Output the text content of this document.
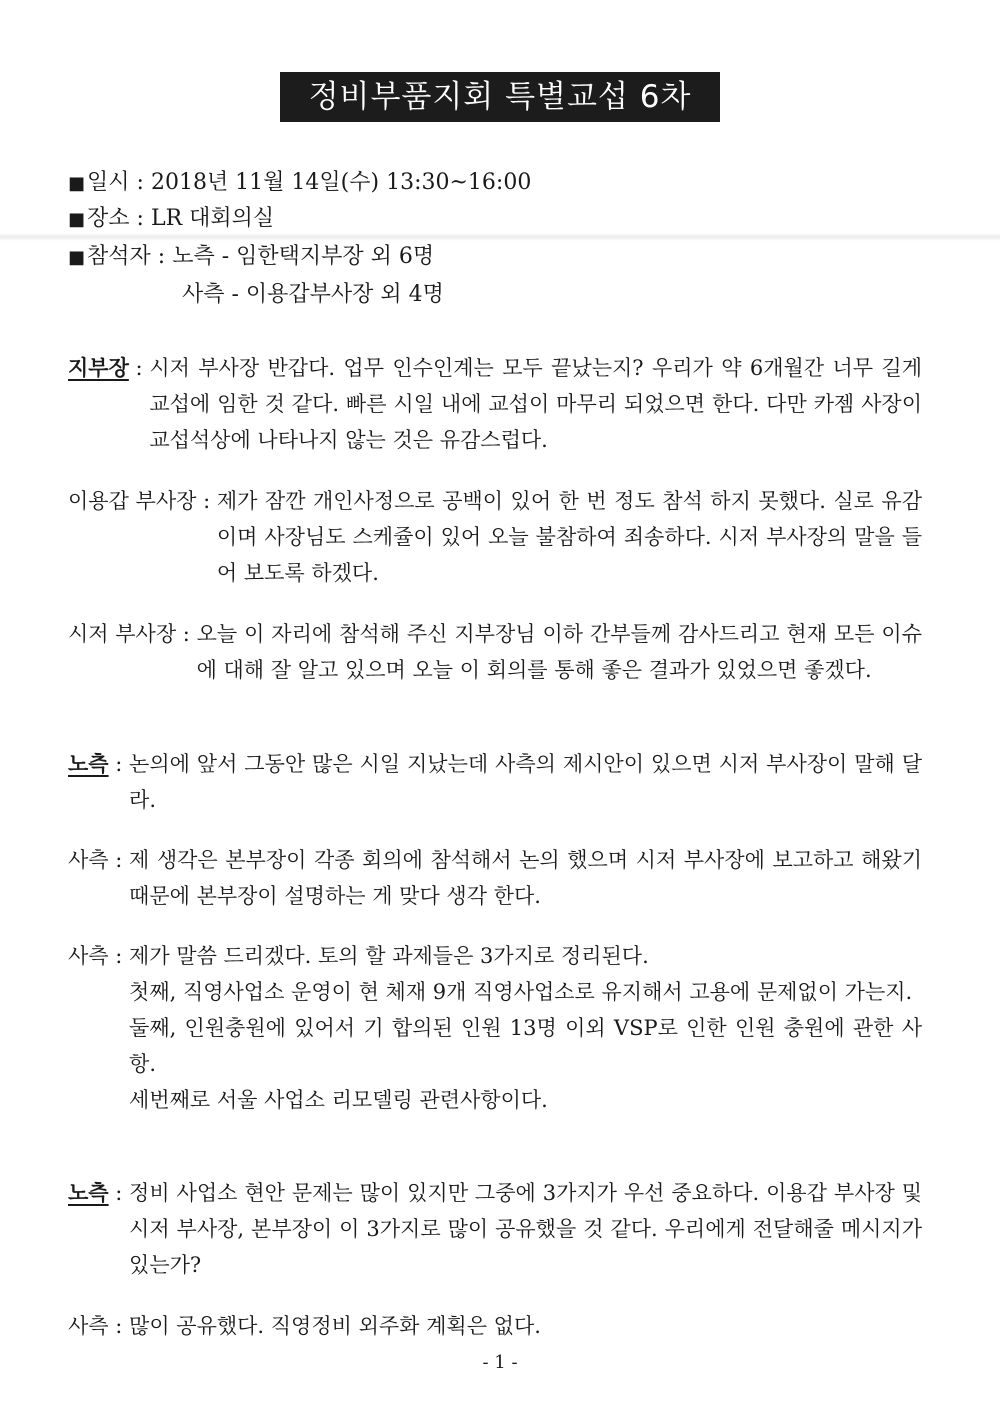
정비부품지회 특별교섭 6차
■일시 : 2018년 11월 14일(수) 13:30~16:00
■장소 : LR 대회의실
■참석자 : 노측 - 임한택지부장 외 6명
사측 - 이용갑부사장 외 4명
지부장 : 시저 부사장 반갑다. 업무 인수인계는 모두 끝났는지? 우리가 약 6개월간 너무 길게 교섭에 임한 것 같다. 빠른 시일 내에 교섭이 마무리 되었으면 한다. 다만 카젬 사장이 교섭석상에 나타나지 않는 것은 유감스럽다.

이용갑 부사장 : 제가 잠깐 개인사정으로 공백이 있어 한 번 정도 참석 하지 못했다. 실로 유감이며 사장님도 스케쥴이 있어 오늘 불참하여 죄송하다. 시저 부사장의 말을 들어 보도록 하겠다.

시저 부사장 : 오늘 이 자리에 참석해 주신 지부장님 이하 간부들께 감사드리고 현재 모든 이슈에 대해 잘 알고 있으며 오늘 이 회의를 통해 좋은 결과가 있었으면 좋겠다.

노측 : 논의에 앞서 그동안 많은 시일 지났는데 사측의 제시안이 있으면 시저 부사장이 말해 달라.

사측 : 제 생각은 본부장이 각종 회의에 참석해서 논의 했으며 시저 부사장에 보고하고 해왔기 때문에 본부장이 설명하는 게 맞다 생각 한다.

사측 : 제가 말씀 드리겠다. 토의 할 과제들은 3가지로 정리된다.

첫째, 직영사업소 운영이 현 체재 9개 직영사업소로 유지해서 고용에 문제없이 가는지.

둘째, 인원충원에 있어서 기 합의된 인원 13명 이외 VSP로 인한 인원 충원에 관한 사항.

세번째로 서울 사업소 리모델링 관련사항이다.

노측 : 정비 사업소 현안 문제는 많이 있지만 그중에 3가지가 우선 중요하다. 이용갑 부사장 및 시저 부사장, 본부장이 이 3가지로 많이 공유했을 것 같다. 우리에게 전달해줄 메시지가 있는가?

사측 : 많이 공유했다. 직영정비 외주화 계획은 없다.

- 1 -
